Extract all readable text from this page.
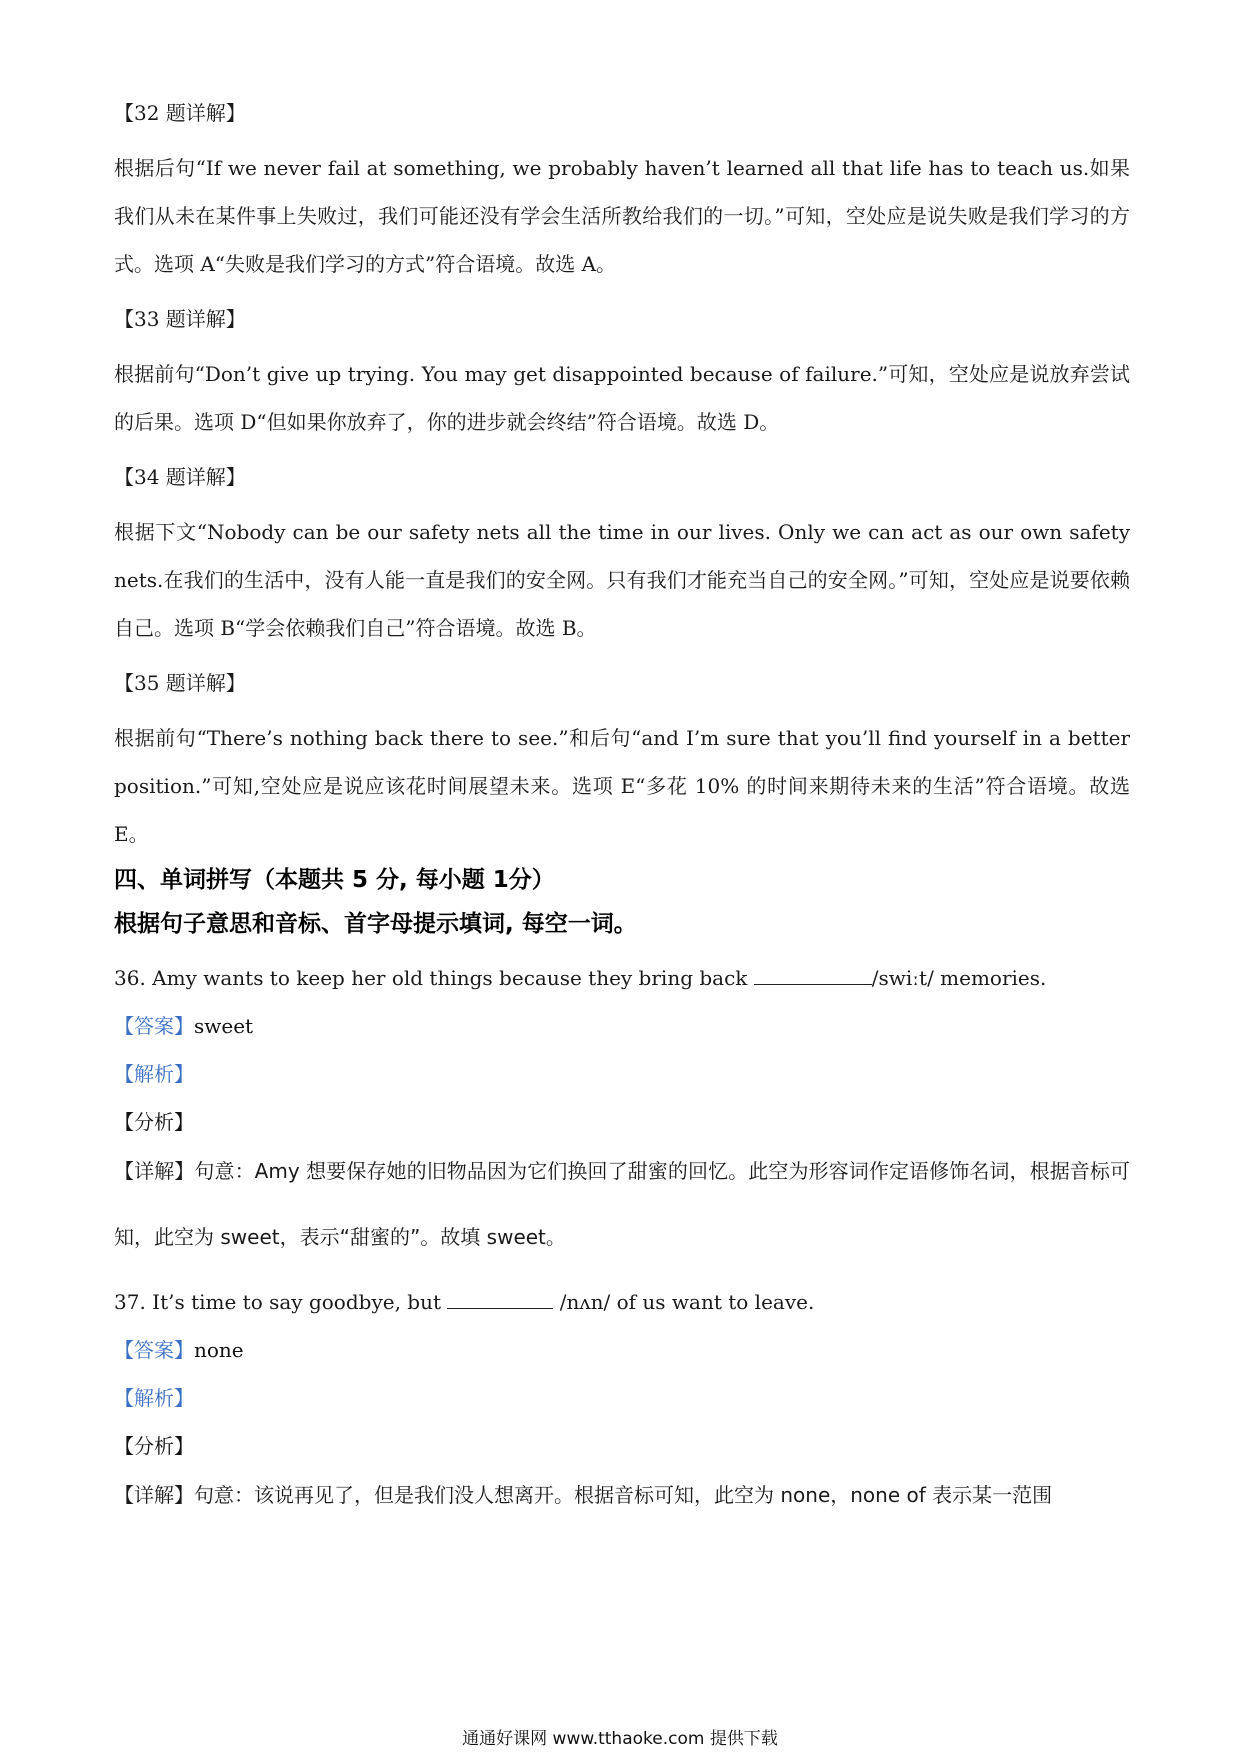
【32 题详解】

根据后句“If we never fail at something, we probably haven’t learned all that life has to teach us.如果我们从未在某件事上失败过，我们可能还没有学会生活所教给我们的一切。”可知，空处应是说失败是我们学习的方式。选项 A“失败是我们学习的方式”符合语境。故选 A。

【33 题详解】

根据前句“Don’t give up trying. You may get disappointed because of failure.”可知，空处应是说放弃尝试的后果。选项 D“但如果你放弃了，你的进步就会终结”符合语境。故选 D。

【34 题详解】

根据下文“Nobody can be our safety nets all the time in our lives. Only we can act as our own safety nets.在我们的生活中，没有人能一直是我们的安全网。只有我们才能充当自己的安全网。”可知，空处应是说要依赖自己。选项 B“学会依赖我们自己”符合语境。故选 B。

【35 题详解】

根据前句“There’s nothing back there to see.”和后句“and I’m sure that you’ll find yourself in a better position.”可知,空处应是说应该花时间展望未来。选项 E“多花 10% 的时间来期待未来的生活”符合语境。故选 E。

四、单词拼写（本题共 5 分, 每小题 1分）

根据句子意思和音标、首字母提示填词, 每空一词。

36. Amy wants to keep her old things because they bring back	/swiːt/ memories.

【答案】sweet

【解析】

【分析】

【详解】句意：Amy 想要保存她的旧物品因为它们换回了甜蜜的回忆。此空为形容词作定语修饰名词，根据音标可知，此空为 sweet，表示“甜蜜的”。故填 sweet。

37. It’s time to say goodbye, but	/nʌn/ of us want to leave.

【答案】none

【解析】

【分析】

【详解】句意：该说再见了，但是我们没人想离开。根据音标可知，此空为 none，none of 表示某一范围

通通好课网 www.tthaoke.com 提供下载
